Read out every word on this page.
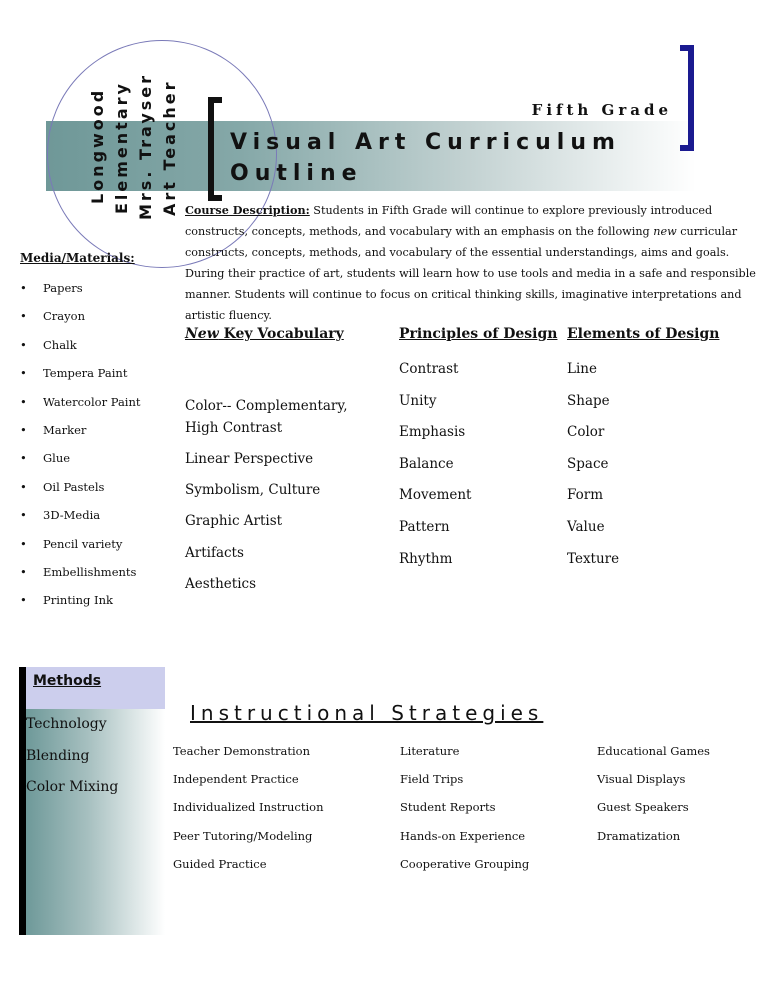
Longwood Elementary Mrs. Trayser Art Teacher	Fifth Grade
Visual Art Curriculum
Outline
Course Description: Students in Fifth Grade will continue to explore previously introduced constructs, concepts, methods, and vocabulary with an emphasis on the following new curricular constructs, concepts, methods, and vocabulary of the essential understandings, aims and goals. During their practice of art, students will learn how to use tools and media in a safe and responsible manner. Students will continue to focus on critical thinking skills, imaginative interpretations and artistic fluency.
Media/Materials:
• Papers
• Crayon
• Chalk
• Tempera Paint
• Watercolor Paint
• Marker
• Glue
• Oil Pastels
• 3D-Media
• Pencil variety
• Embellishments
• Printing Ink
New Key Vocabulary
Color-- Complementary, High Contrast
Linear Perspective
Symbolism, Culture
Graphic Artist
Artifacts
Aesthetics
Principles of Design
Contrast
Unity
Emphasis
Balance
Movement
Pattern
Rhythm
Elements of Design
Line
Shape
Color
Space
Form
Value
Texture
Methods
Technology
Blending
Color Mixing
Instructional Strategies
Teacher Demonstration
Independent Practice
Individualized Instruction
Peer Tutoring/Modeling
Guided Practice
Literature
Field Trips
Student Reports
Hands-on Experience
Cooperative Grouping
Educational Games
Visual Displays
Guest Speakers
Dramatization
